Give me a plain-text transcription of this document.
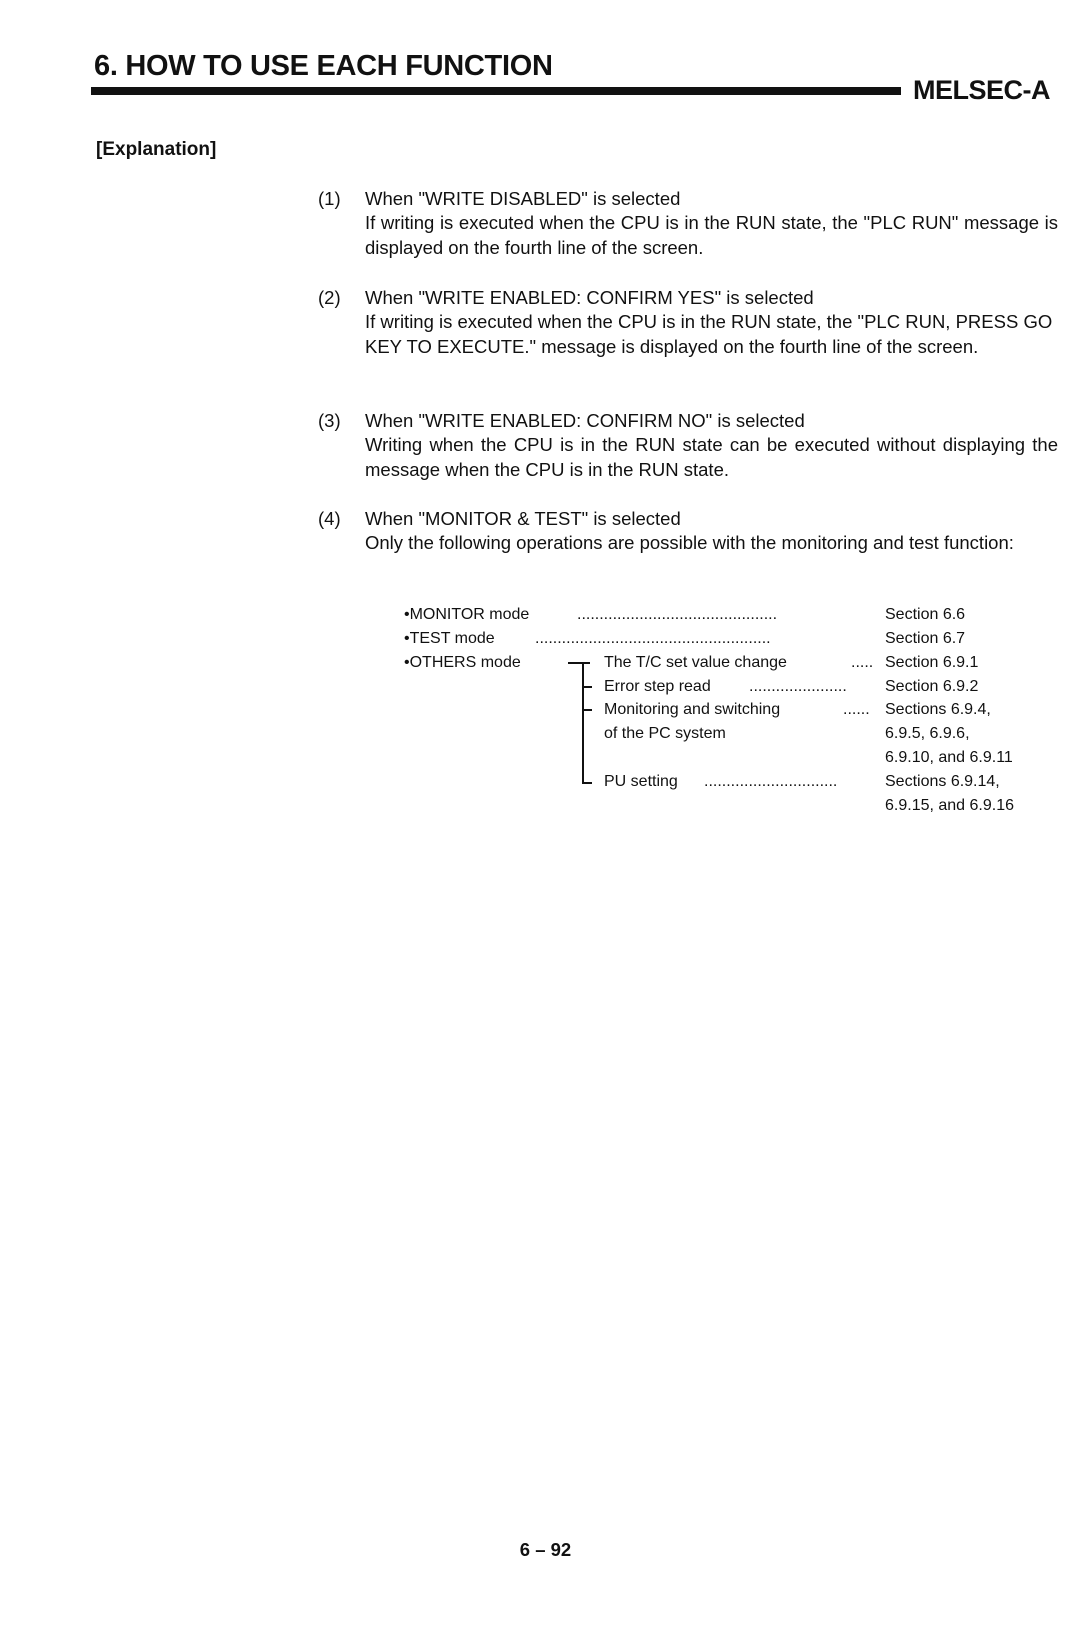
6. HOW TO USE EACH FUNCTION
MELSEC-A
[Explanation]
(1) When "WRITE DISABLED" is selected
If writing is executed when the CPU is in the RUN state, the "PLC RUN" message is displayed on the fourth line of the screen.
(2) When "WRITE ENABLED: CONFIRM YES" is selected
If writing is executed when the CPU is in the RUN state, the "PLC RUN, PRESS GO KEY TO EXECUTE." message is displayed on the fourth line of the screen.
(3) When "WRITE ENABLED: CONFIRM NO" is selected
Writing when the CPU is in the RUN state can be executed without displaying the message when the CPU is in the RUN state.
(4) When "MONITOR & TEST" is selected
Only the following operations are possible with the monitoring and test function:
•MONITOR mode	.............................................	Section 6.6
•TEST mode	.....................................................	Section 6.7
•OTHERS mode	The T/C set value change	..... Section 6.9.1
Error step read ...................... Section 6.9.2
Monitoring and switching	...... Sections 6.9.4,
of the PC system	6.9.5, 6.9.6,
6.9.10, and 6.9.11
PU setting ..............................	Sections 6.9.14,
6.9.15, and 6.9.16
6 – 92
